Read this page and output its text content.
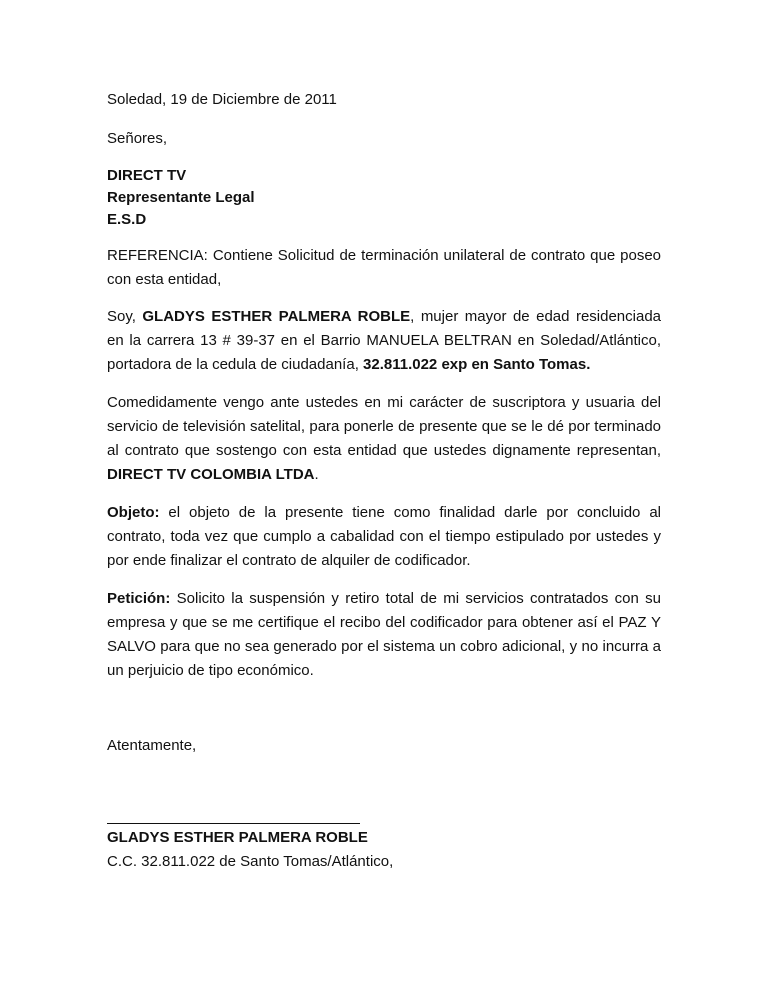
Soledad, 19 de Diciembre de 2011

Señores,

DIRECT TV
Representante Legal
E.S.D

REFERENCIA: Contiene Solicitud de terminación unilateral de contrato que poseo con esta entidad,

Soy, GLADYS ESTHER PALMERA ROBLE, mujer mayor de edad residenciada en la carrera 13 # 39-37 en el Barrio MANUELA BELTRAN en Soledad/Atlántico, portadora de la cedula de ciudadanía, 32.811.022 exp en Santo Tomas.

Comedidamente vengo ante ustedes en mi carácter de suscriptora y usuaria del servicio de televisión satelital, para ponerle de presente que se le dé por terminado al contrato que sostengo con esta entidad que ustedes dignamente representan, DIRECT TV COLOMBIA LTDA.

Objeto: el objeto de la presente tiene como finalidad darle por concluido al contrato, toda vez que cumplo a cabalidad con el tiempo estipulado por ustedes y por ende finalizar el contrato de alquiler de codificador.

Petición: Solicito la suspensión y retiro total de mi servicios contratados con su empresa y que se me certifique el recibo del codificador para obtener así el PAZ Y SALVO para que no sea generado por el sistema un cobro adicional, y no incurra a un perjuicio de tipo económico.

Atentamente,

GLADYS ESTHER PALMERA ROBLE
C.C. 32.811.022 de Santo Tomas/Atlántico,
